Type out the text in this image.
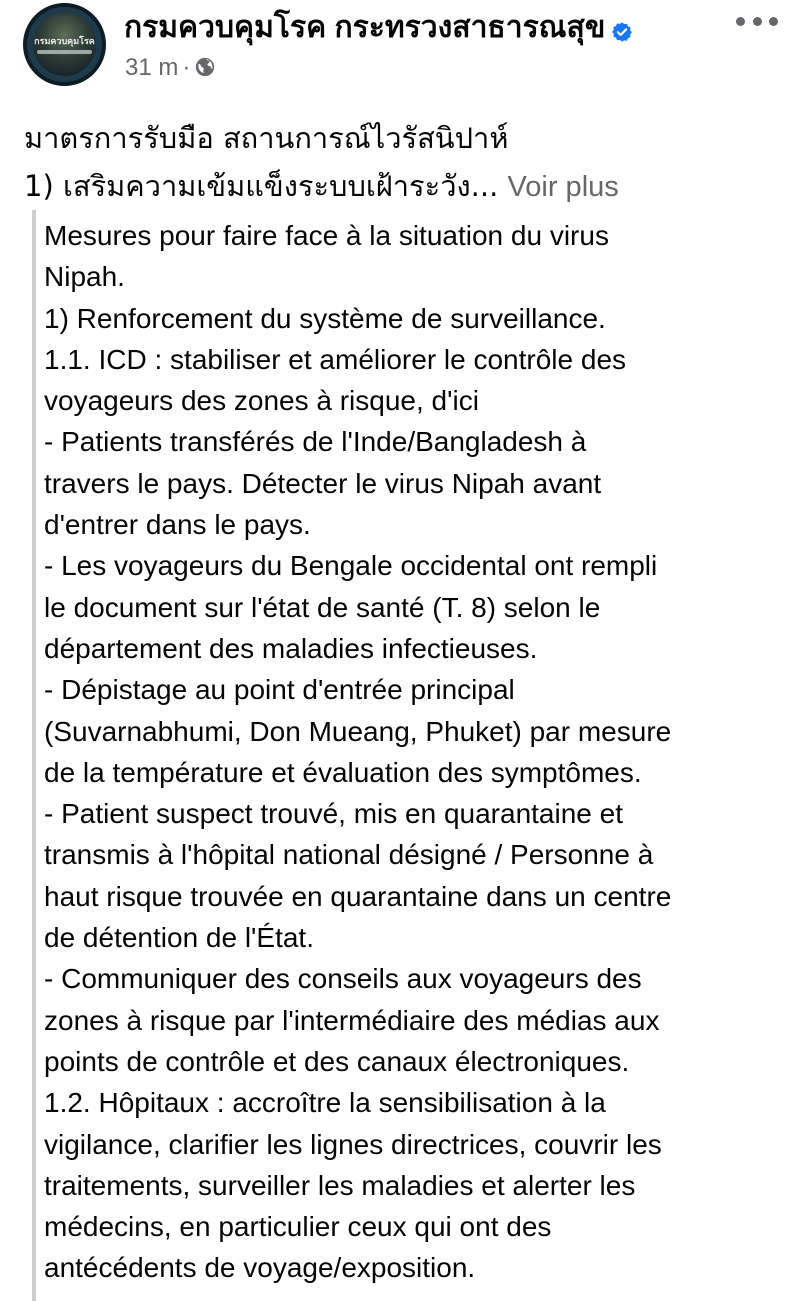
กรมควบคุมโรค กรมควบคุมโรค กระทรวงสาธารณสุข
31 m ·
มาตรการรับมือ สถานการณ์ไวรัสนิปาห์
1) เสริมความเข้มแข็งระบบเฝ้าระวัง... Voir plus
Mesures pour faire face à la situation du virus
Nipah.
1) Renforcement du système de surveillance.
1.1. ICD : stabiliser et améliorer le contrôle des
voyageurs des zones à risque, d'ici
- Patients transférés de l'Inde/Bangladesh à
travers le pays. Détecter le virus Nipah avant
d'entrer dans le pays.
- Les voyageurs du Bengale occidental ont rempli
le document sur l'état de santé (T. 8) selon le
département des maladies infectieuses.
- Dépistage au point d'entrée principal
(Suvarnabhumi, Don Mueang, Phuket) par mesure
de la température et évaluation des symptômes.
- Patient suspect trouvé, mis en quarantaine et
transmis à l'hôpital national désigné / Personne à
haut risque trouvée en quarantaine dans un centre
de détention de l'État.
- Communiquer des conseils aux voyageurs des
zones à risque par l'intermédiaire des médias aux
points de contrôle et des canaux électroniques.
1.2. Hôpitaux : accroître la sensibilisation à la
vigilance, clarifier les lignes directrices, couvrir les
traitements, surveiller les maladies et alerter les
médecins, en particulier ceux qui ont des
antécédents de voyage/exposition.
